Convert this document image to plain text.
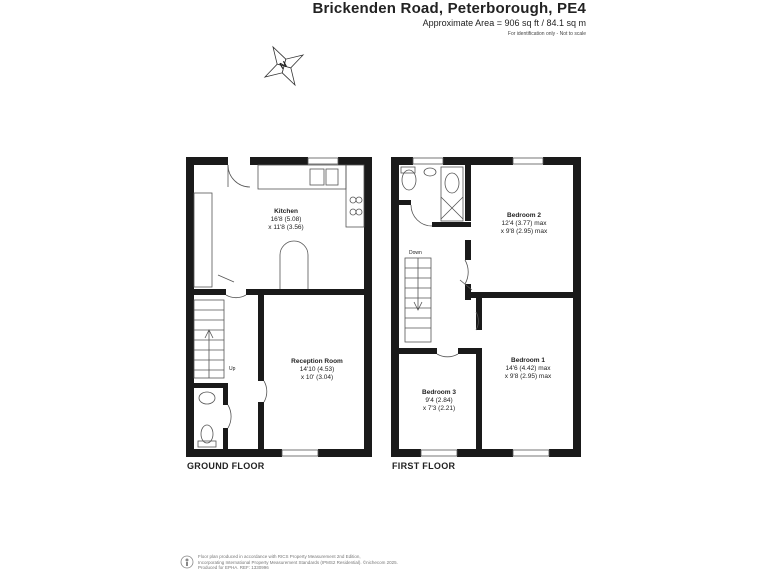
Brickenden Road, Peterborough, PE4
Approximate Area = 906 sq ft / 84.1 sq m
For identification only - Not to scale
Kitchen
16'8 (5.08)
x 11'8 (3.56)
Reception Room
14'10 (4.53)
x 10' (3.04)
Up
GROUND FLOOR
Bedroom 2
12'4 (3.77) max
x 9'8 (2.95) max
Bedroom 1
14'6 (4.42) max
x 9'8 (2.95) max
Bedroom 3
9'4 (2.84)
x 7'3 (2.21)
Down
FIRST FLOOR
N
Floor plan produced in accordance with RICS Property Measurement 2nd Edition,
Incorporating International Property Measurement Standards (IPMS2 Residential). ©nichecom 2025.
Produced for EPHA. REF: 1330996
